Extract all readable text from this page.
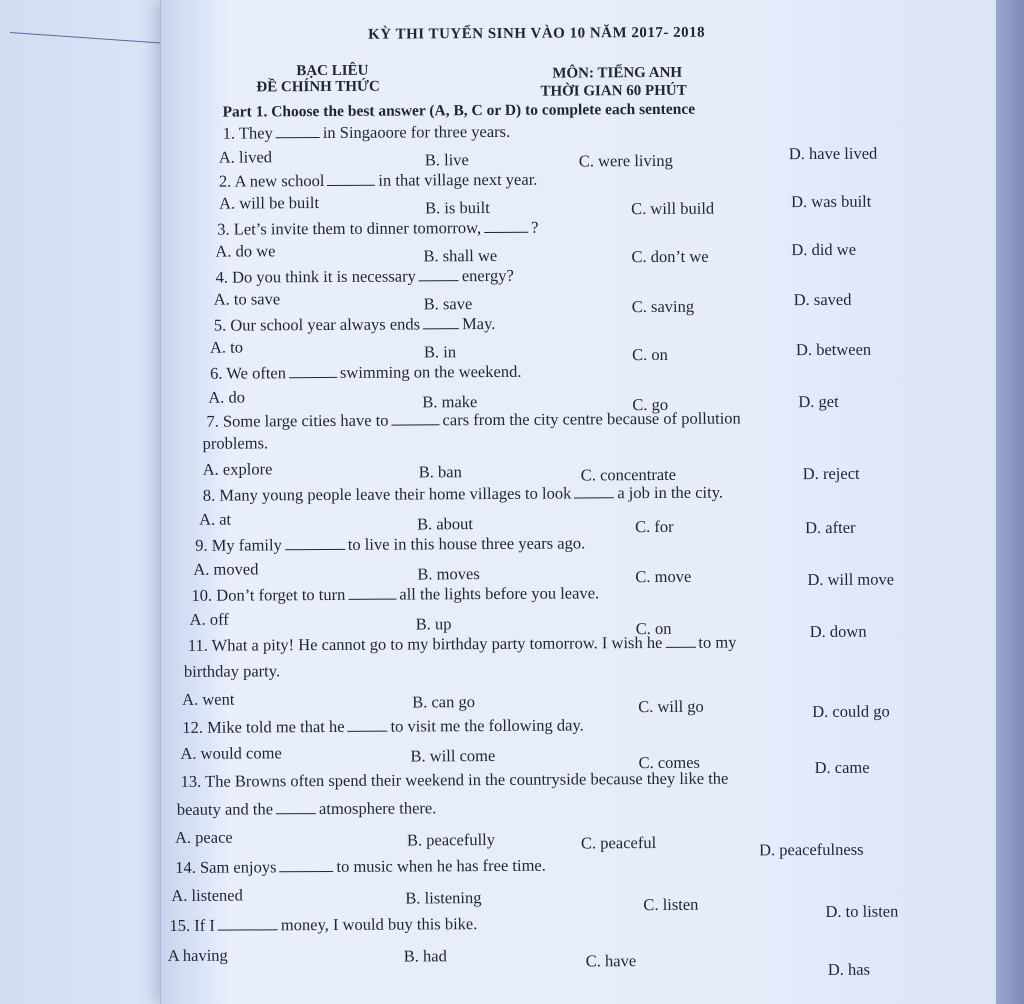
KỲ THI TUYỂN SINH VÀO 10 NĂM 2017- 2018
BẠC LIÊU
ĐỀ CHÍNH THỨC
MÔN: TIẾNG ANH
THỜI GIAN 60 PHÚT
Part 1. Choose the best answer (A, B, C or D) to complete each sentence
1. They	in Singaoore for three years.
A. lived	B. live	C. were living	D. have lived
2. A new school	in that village next year.
A. will be built	B. is built	C. will build	D. was built
3. Let’s invite them to dinner tomorrow,	?
A. do we	B. shall we	C. don’t we	D. did we
4. Do you think it is necessary	energy?
A. to save	B. save	C. saving	D. saved
5. Our school year always ends	May.
A. to	B. in	C. on	D. between
6. We often	swimming on the weekend.
A. do	B. make	C. go	D. get
7. Some large cities have to	cars from the city centre because of pollution
problems.
A. explore	B. ban	C. concentrate	D. reject
8. Many young people leave their home villages to look	a job in the city.
A. at	B. about	C. for	D. after
9. My family	to live in this house three years ago.
A. moved	B. moves	C. move	D. will move
10. Don’t forget to turn	all the lights before you leave.
A. off	B. up	C. on	D. down
11. What a pity! He cannot go to my birthday party tomorrow. I wish he to my
birthday party.
A. went	B. can go	C. will go	D. could go
12. Mike told me that he	to visit me the following day.
A. would come	B. will come	C. comes	D. came
13. The Browns often spend their weekend in the countryside because they like the
beauty and the	atmosphere there.
A. peace	B. peacefully	C. peaceful	D. peacefulness
14. Sam enjoys	to music when he has free time.
A. listened	B. listening	C. listen	D. to listen
15. If I	money, I would buy this bike.
A having	B. had	C. have	D. has
